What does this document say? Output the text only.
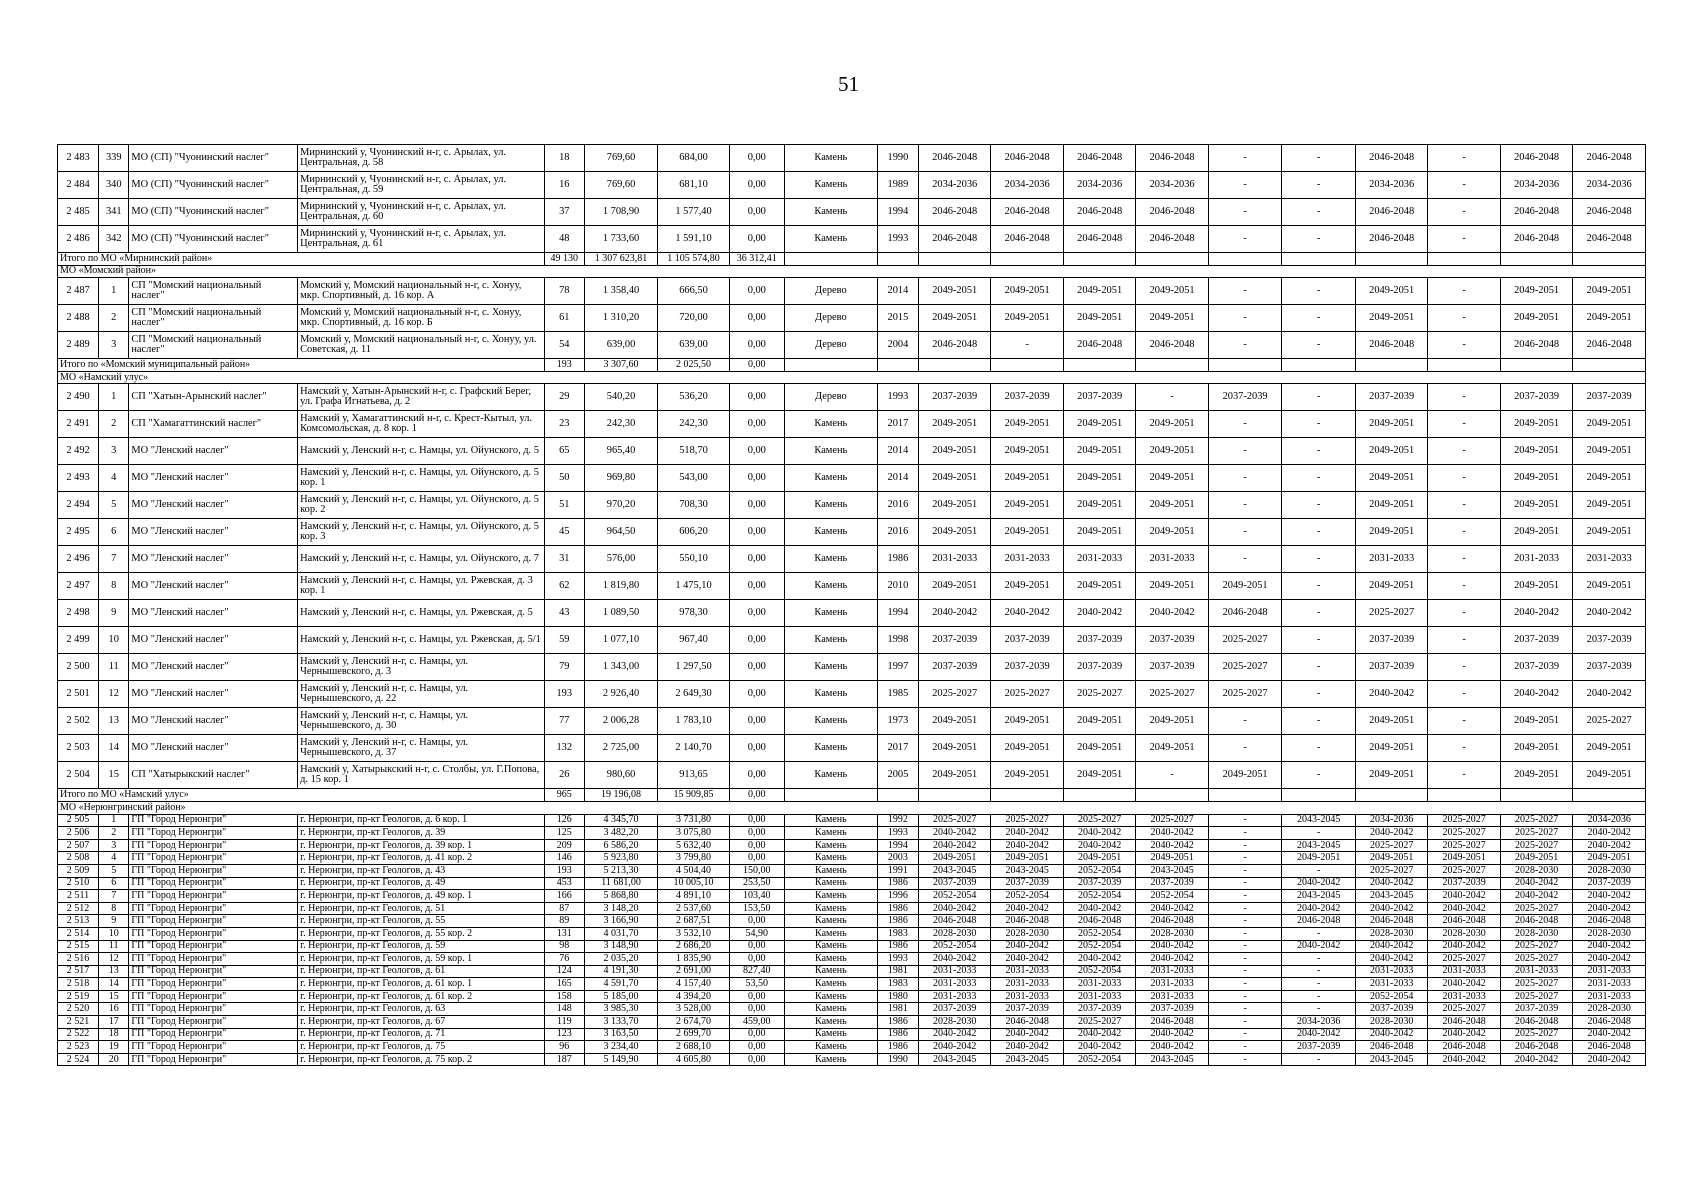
51
2 483	339	МО (СП) "Чуонинский наслег"	Мирнинский у, Чуонинский н-г, с. Арылах, ул. Центральная, д. 58	18	769,60	684,00	0,00	Камень	1990	2046-2048	2046-2048	2046-2048	2046-2048	-	-	2046-2048	-	2046-2048	2046-2048
2 484	340	МО (СП) "Чуонинский наслег"	Мирнинский у, Чуонинский н-г, с. Арылах, ул. Центральная, д. 59	16	769,60	681,10	0,00	Камень	1989	2034-2036	2034-2036	2034-2036	2034-2036	-	-	2034-2036	-	2034-2036	2034-2036
2 485	341	МО (СП) "Чуонинский наслег"	Мирнинский у, Чуонинский н-г, с. Арылах, ул. Центральная, д. 60	37	1 708,90	1 577,40	0,00	Камень	1994	2046-2048	2046-2048	2046-2048	2046-2048	-	-	2046-2048	-	2046-2048	2046-2048
2 486	342	МО (СП) "Чуонинский наслег"	Мирнинский у, Чуонинский н-г, с. Арылах, ул. Центральная, д. 61	48	1 733,60	1 591,10	0,00	Камень	1993	2046-2048	2046-2048	2046-2048	2046-2048	-	-	2046-2048	-	2046-2048	2046-2048
Итого по МО «Мирнинский район»				49 130	1 307 623,81	1 105 574,80	36 312,41												
МО «Момский район»																			
2 487	1	СП "Момский национальный наслег"	Момский у, Момский национальный н-г, с. Хонуу, мкр. Спортивный, д. 16 кор. А	78	1 358,40	666,50	0,00	Дерево	2014	2049-2051	2049-2051	2049-2051	2049-2051	-	-	2049-2051	-	2049-2051	2049-2051
2 488	2	СП "Момский национальный наслег"	Момский у, Момский национальный н-г, с. Хонуу, мкр. Спортивный, д. 16 кор. Б	61	1 310,20	720,00	0,00	Дерево	2015	2049-2051	2049-2051	2049-2051	2049-2051	-	-	2049-2051	-	2049-2051	2049-2051
2 489	3	СП "Момский национальный наслег"	Момский у, Момский национальный н-г, с. Хонуу, ул. Советская, д. 11	54	639,00	639,00	0,00	Дерево	2004	2046-2048	-	2046-2048	2046-2048	-	-	2046-2048	-	2046-2048	2046-2048
Итого по «Момский муниципальный район»				193	3 307,60	2 025,50	0,00												
МО «Намский улус»																			
2 490	1	СП "Хатын-Арынский наслег"	Намский у, Хатын-Арынский н-г, с. Графский Берег, ул. Графа Игнатьева, д. 2	29	540,20	536,20	0,00	Дерево	1993	2037-2039	2037-2039	2037-2039	-	2037-2039	-	2037-2039	-	2037-2039	2037-2039
2 491	2	СП "Хамагаттинский наслег"	Намский у, Хамагаттинский н-г, с. Крест-Кытыл, ул. Комсомольская, д. 8 кор. 1	23	242,30	242,30	0,00	Камень	2017	2049-2051	2049-2051	2049-2051	2049-2051	-	-	2049-2051	-	2049-2051	2049-2051
2 492	3	МО "Ленский наслег"	Намский у, Ленский н-г, с. Намцы, ул. Ойунского, д. 5	65	965,40	518,70	0,00	Камень	2014	2049-2051	2049-2051	2049-2051	2049-2051	-	-	2049-2051	-	2049-2051	2049-2051
2 493	4	МО "Ленский наслег"	Намский у, Ленский н-г, с. Намцы, ул. Ойунского, д. 5 кор. 1	50	969,80	543,00	0,00	Камень	2014	2049-2051	2049-2051	2049-2051	2049-2051	-	-	2049-2051	-	2049-2051	2049-2051
2 494	5	МО "Ленский наслег"	Намский у, Ленский н-г, с. Намцы, ул. Ойунского, д. 5 кор. 2	51	970,20	708,30	0,00	Камень	2016	2049-2051	2049-2051	2049-2051	2049-2051	-	-	2049-2051	-	2049-2051	2049-2051
2 495	6	МО "Ленский наслег"	Намский у, Ленский н-г, с. Намцы, ул. Ойунского, д. 5 кор. 3	45	964,50	606,20	0,00	Камень	2016	2049-2051	2049-2051	2049-2051	2049-2051	-	-	2049-2051	-	2049-2051	2049-2051
2 496	7	МО "Ленский наслег"	Намский у, Ленский н-г, с. Намцы, ул. Ойунского, д. 7	31	576,00	550,10	0,00	Камень	1986	2031-2033	2031-2033	2031-2033	2031-2033	-	-	2031-2033	-	2031-2033	2031-2033
2 497	8	МО "Ленский наслег"	Намский у, Ленский н-г, с. Намцы, ул. Ржевская, д. 3 кор. 1	62	1 819,80	1 475,10	0,00	Камень	2010	2049-2051	2049-2051	2049-2051	2049-2051	2049-2051	-	2049-2051	-	2049-2051	2049-2051
2 498	9	МО "Ленский наслег"	Намский у, Ленский н-г, с. Намцы, ул. Ржевская, д. 5	43	1 089,50	978,30	0,00	Камень	1994	2040-2042	2040-2042	2040-2042	2040-2042	2046-2048	-	2025-2027	-	2040-2042	2040-2042
2 499	10	МО "Ленский наслег"	Намский у, Ленский н-г, с. Намцы, ул. Ржевская, д. 5/1	59	1 077,10	967,40	0,00	Камень	1998	2037-2039	2037-2039	2037-2039	2037-2039	2025-2027	-	2037-2039	-	2037-2039	2037-2039
2 500	11	МО "Ленский наслег"	Намский у, Ленский н-г, с. Намцы, ул. Чернышевского, д. 3	79	1 343,00	1 297,50	0,00	Камень	1997	2037-2039	2037-2039	2037-2039	2037-2039	2025-2027	-	2037-2039	-	2037-2039	2037-2039
2 501	12	МО "Ленский наслег"	Намский у, Ленский н-г, с. Намцы, ул. Чернышевского, д. 22	193	2 926,40	2 649,30	0,00	Камень	1985	2025-2027	2025-2027	2025-2027	2025-2027	2025-2027	-	2040-2042	-	2040-2042	2040-2042
2 502	13	МО "Ленский наслег"	Намский у, Ленский н-г, с. Намцы, ул. Чернышевского, д. 30	77	2 006,28	1 783,10	0,00	Камень	1973	2049-2051	2049-2051	2049-2051	2049-2051	-	-	2049-2051	-	2049-2051	2025-2027
2 503	14	МО "Ленский наслег"	Намский у, Ленский н-г, с. Намцы, ул. Чернышевского, д. 37	132	2 725,00	2 140,70	0,00	Камень	2017	2049-2051	2049-2051	2049-2051	2049-2051	-	-	2049-2051	-	2049-2051	2049-2051
2 504	15	СП "Хатырыкский наслег"	Намский у, Хатырыкский н-г, с. Столбы, ул. Г.Попова, д. 15 кор. 1	26	980,60	913,65	0,00	Камень	2005	2049-2051	2049-2051	2049-2051	-	2049-2051	-	2049-2051	-	2049-2051	2049-2051
Итого по МО «Намский улус»				965	19 196,08	15 909,85	0,00												
МО «Нерюнгринский район»																			
2 505	1	ГП "Город Нерюнгри"	г. Нерюнгри, пр-кт Геологов, д. 6 кор. 1	126	4 345,70	3 731,80	0,00	Камень	1992	2025-2027	2025-2027	2025-2027	2025-2027	-	2043-2045	2034-2036	2025-2027	2025-2027	2034-2036
2 506	2	ГП "Город Нерюнгри"	г. Нерюнгри, пр-кт Геологов, д. 39	125	3 482,20	3 075,80	0,00	Камень	1993	2040-2042	2040-2042	2040-2042	2040-2042	-	-	2040-2042	2025-2027	2025-2027	2040-2042
2 507	3	ГП "Город Нерюнгри"	г. Нерюнгри, пр-кт Геологов, д. 39 кор. 1	209	6 586,20	5 632,40	0,00	Камень	1994	2040-2042	2040-2042	2040-2042	2040-2042	-	2043-2045	2025-2027	2025-2027	2025-2027	2040-2042
2 508	4	ГП "Город Нерюнгри"	г. Нерюнгри, пр-кт Геологов, д. 41 кор. 2	146	5 923,80	3 799,80	0,00	Камень	2003	2049-2051	2049-2051	2049-2051	2049-2051	-	2049-2051	2049-2051	2049-2051	2049-2051	2049-2051
2 509	5	ГП "Город Нерюнгри"	г. Нерюнгри, пр-кт Геологов, д. 43	193	5 213,30	4 504,40	150,00	Камень	1991	2043-2045	2043-2045	2052-2054	2043-2045	-	-	2025-2027	2025-2027	2028-2030	2028-2030
2 510	6	ГП "Город Нерюнгри"	г. Нерюнгри, пр-кт Геологов, д. 49	453	11 681,00	10 005,10	253,50	Камень	1986	2037-2039	2037-2039	2037-2039	2037-2039	-	2040-2042	2040-2042	2037-2039	2040-2042	2037-2039
2 511	7	ГП "Город Нерюнгри"	г. Нерюнгри, пр-кт Геологов, д. 49 кор. 1	166	5 868,80	4 891,10	103,40	Камень	1996	2052-2054	2052-2054	2052-2054	2052-2054	-	2043-2045	2043-2045	2040-2042	2040-2042	2040-2042
2 512	8	ГП "Город Нерюнгри"	г. Нерюнгри, пр-кт Геологов, д. 51	87	3 148,20	2 537,60	153,50	Камень	1986	2040-2042	2040-2042	2040-2042	2040-2042	-	2040-2042	2040-2042	2040-2042	2025-2027	2040-2042
2 513	9	ГП "Город Нерюнгри"	г. Нерюнгри, пр-кт Геологов, д. 55	89	3 166,90	2 687,51	0,00	Камень	1986	2046-2048	2046-2048	2046-2048	2046-2048	-	2046-2048	2046-2048	2046-2048	2046-2048	2046-2048
2 514	10	ГП "Город Нерюнгри"	г. Нерюнгри, пр-кт Геологов, д. 55 кор. 2	131	4 031,70	3 532,10	54,90	Камень	1983	2028-2030	2028-2030	2052-2054	2028-2030	-	-	2028-2030	2028-2030	2028-2030	2028-2030
2 515	11	ГП "Город Нерюнгри"	г. Нерюнгри, пр-кт Геологов, д. 59	98	3 148,90	2 686,20	0,00	Камень	1986	2052-2054	2040-2042	2052-2054	2040-2042	-	2040-2042	2040-2042	2040-2042	2025-2027	2040-2042
2 516	12	ГП "Город Нерюнгри"	г. Нерюнгри, пр-кт Геологов, д. 59 кор. 1	76	2 035,20	1 835,90	0,00	Камень	1993	2040-2042	2040-2042	2040-2042	2040-2042	-	-	2040-2042	2025-2027	2025-2027	2040-2042
2 517	13	ГП "Город Нерюнгри"	г. Нерюнгри, пр-кт Геологов, д. 61	124	4 191,30	2 691,00	827,40	Камень	1981	2031-2033	2031-2033	2052-2054	2031-2033	-	-	2031-2033	2031-2033	2031-2033	2031-2033
2 518	14	ГП "Город Нерюнгри"	г. Нерюнгри, пр-кт Геологов, д. 61 кор. 1	165	4 591,70	4 157,40	53,50	Камень	1983	2031-2033	2031-2033	2031-2033	2031-2033	-	-	2031-2033	2040-2042	2025-2027	2031-2033
2 519	15	ГП "Город Нерюнгри"	г. Нерюнгри, пр-кт Геологов, д. 61 кор. 2	158	5 185,00	4 394,20	0,00	Камень	1980	2031-2033	2031-2033	2031-2033	2031-2033	-	-	2052-2054	2031-2033	2025-2027	2031-2033
2 520	16	ГП "Город Нерюнгри"	г. Нерюнгри, пр-кт Геологов, д. 63	148	3 985,30	3 528,00	0,00	Камень	1981	2037-2039	2037-2039	2037-2039	2037-2039	-	-	2037-2039	2025-2027	2037-2039	2028-2030
2 521	17	ГП "Город Нерюнгри"	г. Нерюнгри, пр-кт Геологов, д. 67	119	3 133,70	2 674,70	459,00	Камень	1986	2028-2030	2046-2048	2025-2027	2046-2048	-	2034-2036	2028-2030	2046-2048	2046-2048	2046-2048
2 522	18	ГП "Город Нерюнгри"	г. Нерюнгри, пр-кт Геологов, д. 71	123	3 163,50	2 699,70	0,00	Камень	1986	2040-2042	2040-2042	2040-2042	2040-2042	-	2040-2042	2040-2042	2040-2042	2025-2027	2040-2042
2 523	19	ГП "Город Нерюнгри"	г. Нерюнгри, пр-кт Геологов, д. 75	96	3 234,40	2 688,10	0,00	Камень	1986	2040-2042	2040-2042	2040-2042	2040-2042	-	2037-2039	2046-2048	2046-2048	2046-2048	2046-2048
2 524	20	ГП "Город Нерюнгри"	г. Нерюнгри, пр-кт Геологов, д. 75 кор. 2	187	5 149,90	4 605,80	0,00	Камень	1990	2043-2045	2043-2045	2052-2054	2043-2045	-	-	2043-2045	2040-2042	2040-2042	2040-2042
